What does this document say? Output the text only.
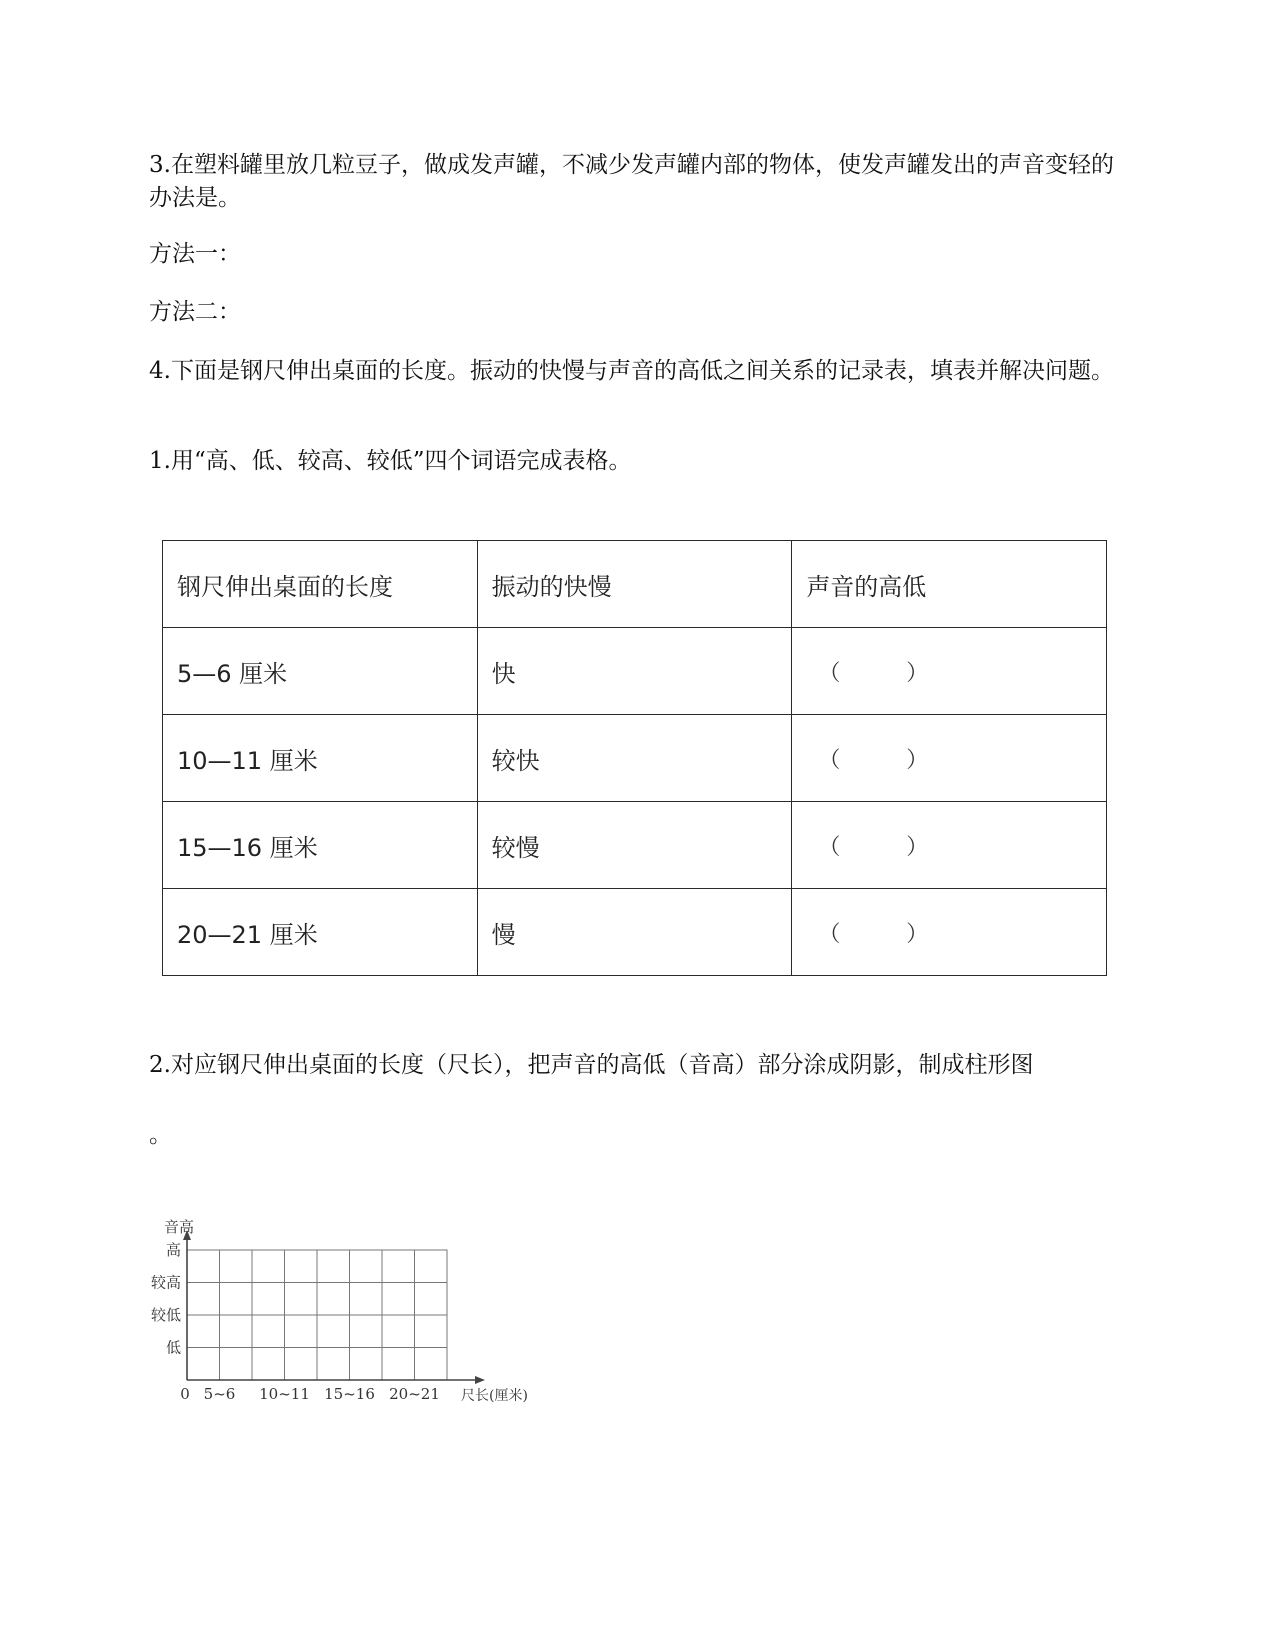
3.在塑料罐里放几粒豆子，做成发声罐，不减少发声罐内部的物体，使发声罐发出的声音变轻的办法是。

方法一：

方法二：

4.下面是钢尺伸出桌面的长度。振动的快慢与声音的高低之间关系的记录表，填表并解决问题。

1.用“高、低、较高、较低”四个词语完成表格。

钢尺伸出桌面的长度	振动的快慢	声音的高低
5—6 厘米	快	（ ）

10—11 厘米	较快	（ ）

15—16 厘米	较慢	（ ）

20—21 厘米	慢	（ ）

2.对应钢尺伸出桌面的长度（尺长），把声音的高低（音高）部分涂成阴影，制成柱形图

。

音高
低
较低
较高
高
0 5~6 10~11 15~16 20~21 尺长(厘米)
